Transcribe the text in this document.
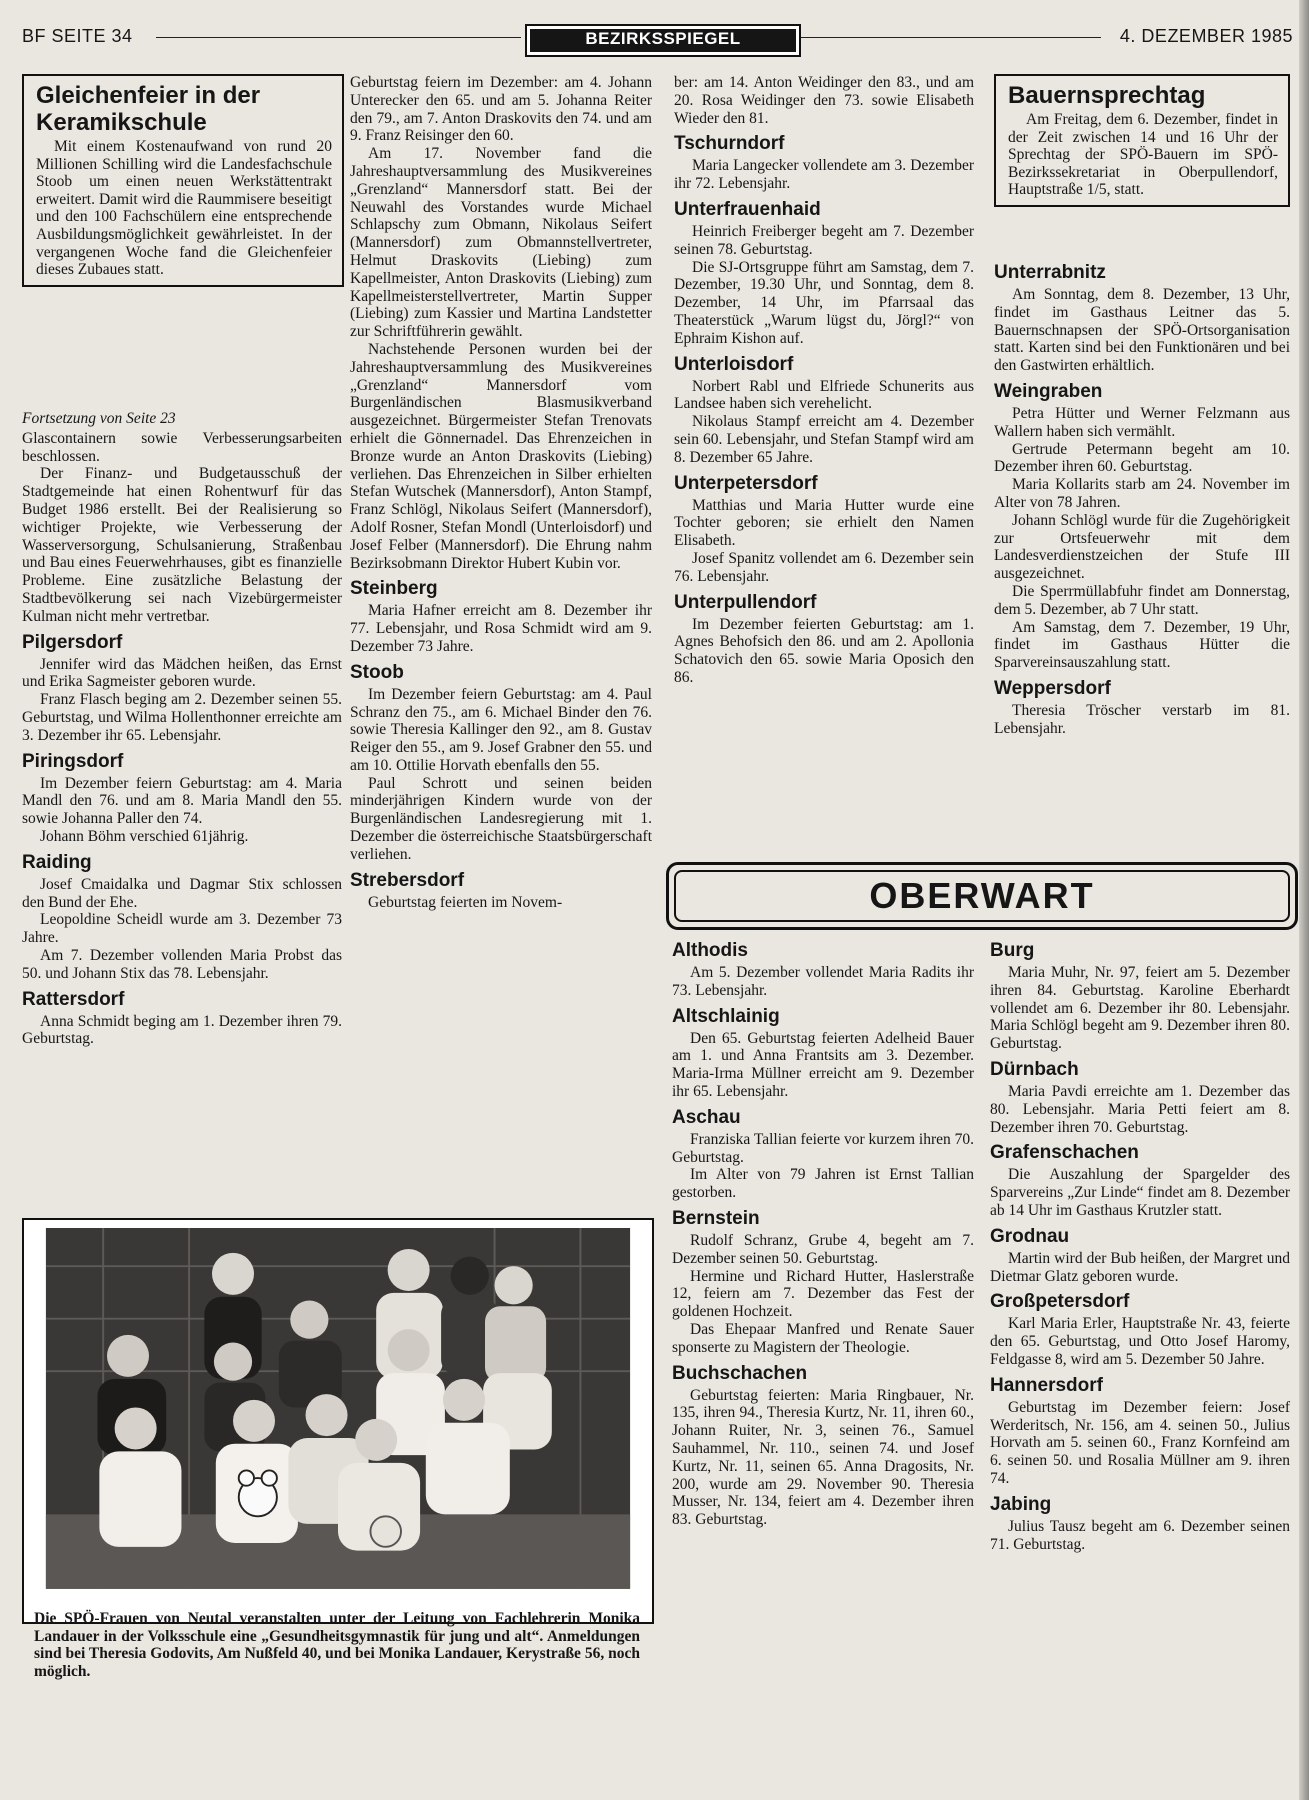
BF SEITE 34	BEZIRKSSPIEGEL	4. DEZEMBER 1985
Gleichenfeier in der Keramikschule

Mit einem Kostenaufwand von rund 20 Millionen Schilling wird die Landesfachschule Stoob um einen neuen Werkstättentrakt erweitert. Damit wird die Raummisere beseitigt und den 100 Fachschülern eine entsprechende Ausbildungsmöglichkeit gewährleistet. In der vergangenen Woche fand die Gleichenfeier dieses Zubaues statt.

Fortsetzung von Seite 23

Glascontainern sowie Verbesserungsarbeiten beschlossen.

Der Finanz- und Budgetausschuß der Stadtgemeinde hat einen Rohentwurf für das Budget 1986 erstellt. Bei der Realisierung so wichtiger Projekte, wie Verbesserung der Wasserversorgung, Schulsanierung, Straßenbau und Bau eines Feuerwehrhauses, gibt es finanzielle Probleme. Eine zusätzliche Belastung der Stadtbevölkerung sei nach Vizebürgermeister Kulman nicht mehr vertretbar.

Pilgersdorf

Jennifer wird das Mädchen heißen, das Ernst und Erika Sagmeister geboren wurde.

Franz Flasch beging am 2. Dezember seinen 55. Geburtstag, und Wilma Hollenthonner erreichte am 3. Dezember ihr 65. Lebensjahr.

Piringsdorf

Im Dezember feiern Geburtstag: am 4. Maria Mandl den 76. und am 8. Maria Mandl den 55. sowie Johanna Paller den 74.

Johann Böhm verschied 61jährig.

Raiding

Josef Cmaidalka und Dagmar Stix schlossen den Bund der Ehe.

Leopoldine Scheidl wurde am 3. Dezember 73 Jahre.

Am 7. Dezember vollenden Maria Probst das 50. und Johann Stix das 78. Lebensjahr.

Rattersdorf

Anna Schmidt beging am 1. Dezember ihren 79. Geburtstag.

Geburtstag feiern im Dezember: am 4. Johann Unterecker den 65. und am 5. Johanna Reiter den 79., am 7. Anton Draskovits den 74. und am 9. Franz Reisinger den 60.

Am 17. November fand die Jahreshauptversammlung des Musikvereines „Grenzland“ Mannersdorf statt. Bei der Neuwahl des Vorstandes wurde Michael Schlapschy zum Obmann, Nikolaus Seifert (Mannersdorf) zum Obmannstellvertreter, Helmut Draskovits (Liebing) zum Kapellmeister, Anton Draskovits (Liebing) zum Kapellmeisterstellvertreter, Martin Supper (Liebing) zum Kassier und Martina Landstetter zur Schriftführerin gewählt.

Nachstehende Personen wurden bei der Jahreshauptversammlung des Musikvereines „Grenzland“ Mannersdorf vom Burgenländischen Blasmusikverband ausgezeichnet. Bürgermeister Stefan Trenovats erhielt die Gönnernadel. Das Ehrenzeichen in Bronze wurde an Anton Draskovits (Liebing) verliehen. Das Ehrenzeichen in Silber erhielten Stefan Wutschek (Mannersdorf), Anton Stampf, Franz Schlögl, Nikolaus Seifert (Mannersdorf), Adolf Rosner, Stefan Mondl (Unterloisdorf) und Josef Felber (Mannersdorf). Die Ehrung nahm Bezirksobmann Direktor Hubert Kubin vor.

Steinberg

Maria Hafner erreicht am 8. Dezember ihr 77. Lebensjahr, und Rosa Schmidt wird am 9. Dezember 73 Jahre.

Stoob

Im Dezember feiern Geburtstag: am 4. Paul Schranz den 75., am 6. Michael Binder den 76. sowie Theresia Kallinger den 92., am 8. Gustav Reiger den 55., am 9. Josef Grabner den 55. und am 10. Ottilie Horvath ebenfalls den 55.

Paul Schrott und seinen beiden minderjährigen Kindern wurde von der Burgenländischen Landesregierung mit 1. Dezember die österreichische Staatsbürgerschaft verliehen.

Strebersdorf

Geburtstag feierten im Novem-

ber: am 14. Anton Weidinger den 83., und am 20. Rosa Weidinger den 73. sowie Elisabeth Wieder den 81.

Tschurndorf

Maria Langecker vollendete am 3. Dezember ihr 72. Lebensjahr.

Unterfrauenhaid

Heinrich Freiberger begeht am 7. Dezember seinen 78. Geburtstag.

Die SJ-Ortsgruppe führt am Samstag, dem 7. Dezember, 19.30 Uhr, und Sonntag, dem 8. Dezember, 14 Uhr, im Pfarrsaal das Theaterstück „Warum lügst du, Jörgl?“ von Ephraim Kishon auf.

Unterloisdorf

Norbert Rabl und Elfriede Schunerits aus Landsee haben sich verehelicht.

Nikolaus Stampf erreicht am 4. Dezember sein 60. Lebensjahr, und Stefan Stampf wird am 8. Dezember 65 Jahre.

Unterpetersdorf

Matthias und Maria Hutter wurde eine Tochter geboren; sie erhielt den Namen Elisabeth.

Josef Spanitz vollendet am 6. Dezember sein 76. Lebensjahr.

Unterpullendorf

Im Dezember feierten Geburtstag: am 1. Agnes Behofsich den 86. und am 2. Apollonia Schatovich den 65. sowie Maria Oposich den 86.

Bauernsprechtag

Am Freitag, dem 6. Dezember, findet in der Zeit zwischen 14 und 16 Uhr der Sprechtag der SPÖ-Bauern im SPÖ-Bezirkssekretariat in Oberpullendorf, Hauptstraße 1/5, statt.

Unterrabnitz

Am Sonntag, dem 8. Dezember, 13 Uhr, findet im Gasthaus Leitner das 5. Bauernschnapsen der SPÖ-Ortsorganisation statt. Karten sind bei den Funktionären und bei den Gastwirten erhältlich.

Weingraben

Petra Hütter und Werner Felzmann aus Wallern haben sich vermählt.

Gertrude Petermann begeht am 10. Dezember ihren 60. Geburtstag.

Maria Kollarits starb am 24. November im Alter von 78 Jahren.

Johann Schlögl wurde für die Zugehörigkeit zur Ortsfeuerwehr mit dem Landesverdienstzeichen der Stufe III ausgezeichnet.

Die Sperrmüllabfuhr findet am Donnerstag, dem 5. Dezember, ab 7 Uhr statt.

Am Samstag, dem 7. Dezember, 19 Uhr, findet im Gasthaus Hütter die Sparvereinsauszahlung statt.

Weppersdorf

Theresia Tröscher verstarb im 81. Lebensjahr.

OBERWART
Althodis

Am 5. Dezember vollendet Maria Radits ihr 73. Lebensjahr.

Altschlainig

Den 65. Geburtstag feierten Adelheid Bauer am 1. und Anna Frantsits am 3. Dezember. Maria-Irma Müllner erreicht am 9. Dezember ihr 65. Lebensjahr.

Aschau

Franziska Tallian feierte vor kurzem ihren 70. Geburtstag.

Im Alter von 79 Jahren ist Ernst Tallian gestorben.

Bernstein

Rudolf Schranz, Grube 4, begeht am 7. Dezember seinen 50. Geburtstag.

Hermine und Richard Hutter, Haslerstraße 12, feiern am 7. Dezember das Fest der goldenen Hochzeit.

Das Ehepaar Manfred und Renate Sauer sponserte zu Magistern der Theologie.

Buchschachen

Geburtstag feierten: Maria Ringbauer, Nr. 135, ihren 94., Theresia Kurtz, Nr. 11, ihren 60., Johann Ruiter, Nr. 3, seinen 76., Samuel Sauhammel, Nr. 110., seinen 74. und Josef Kurtz, Nr. 11, seinen 65. Anna Dragosits, Nr. 200, wurde am 29. November 90. Theresia Musser, Nr. 134, feiert am 4. Dezember ihren 83. Geburtstag.

Burg

Maria Muhr, Nr. 97, feiert am 5. Dezember ihren 84. Geburtstag. Karoline Eberhardt vollendet am 6. Dezember ihr 80. Lebensjahr. Maria Schlögl begeht am 9. Dezember ihren 80. Geburtstag.

Dürnbach

Maria Pavdi erreichte am 1. Dezember das 80. Lebensjahr. Maria Petti feiert am 8. Dezember ihren 70. Geburtstag.

Grafenschachen

Die Auszahlung der Spargelder des Sparvereins „Zur Linde“ findet am 8. Dezember ab 14 Uhr im Gasthaus Krutzler statt.

Grodnau

Martin wird der Bub heißen, der Margret und Dietmar Glatz geboren wurde.

Großpetersdorf

Karl Maria Erler, Hauptstraße Nr. 43, feierte den 65. Geburtstag, und Otto Josef Haromy, Feldgasse 8, wird am 5. Dezember 50 Jahre.

Hannersdorf

Geburtstag im Dezember feiern: Josef Werderitsch, Nr. 156, am 4. seinen 50., Julius Horvath am 5. seinen 60., Franz Kornfeind am 6. seinen 50. und Rosalia Müllner am 9. ihren 74.

Jabing

Julius Tausz begeht am 6. Dezember seinen 71. Geburtstag.

Die SPÖ-Frauen von Neutal veranstalten unter der Leitung von Fachlehrerin Monika Landauer in der Volksschule eine „Gesundheitsgymnastik für jung und alt“. Anmeldungen sind bei Theresia Godovits, Am Nußfeld 40, und bei Monika Landauer, Kerystraße 56, noch möglich.
